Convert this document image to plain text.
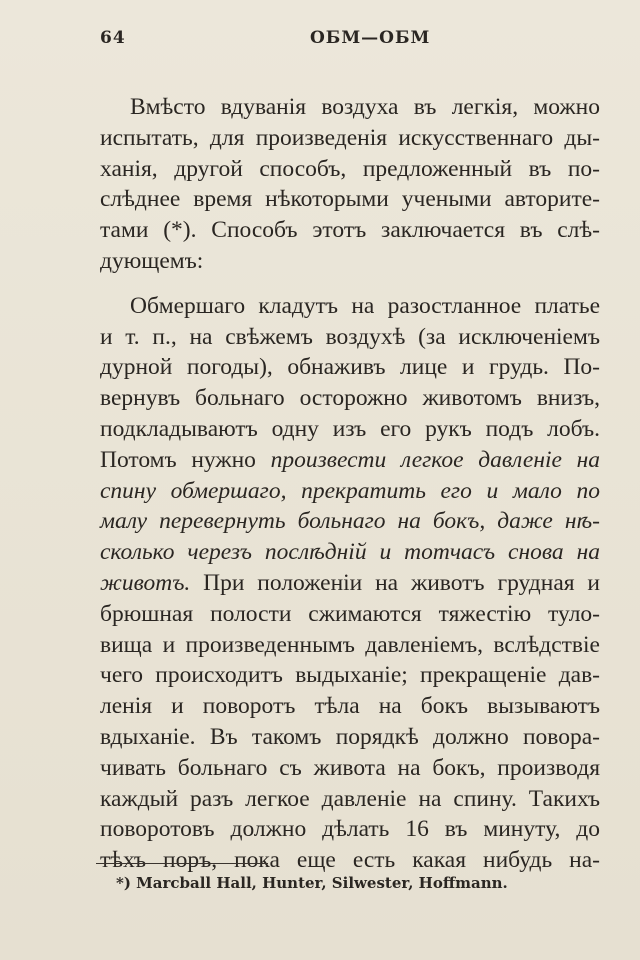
64	ОБМ—ОБМ
Вмѣсто вдуванія воздуха въ легкія, можно
испытать, для произведенія искусственнаго ды-
ханія, другой способъ, предложенный въ по-
слѣднее время нѣкоторыми учеными авторите-
тами (*). Способъ этотъ заключается въ слѣ-
дующемъ:
Обмершаго кладутъ на разостланное платье
и т. п., на свѣжемъ воздухѣ (за исключеніемъ
дурной погоды), обнаживъ лице и грудь. По-
вернувъ больнаго осторожно животомъ внизъ,
подкладываютъ одну изъ его рукъ подъ лобъ.
Потомъ нужно произвести легкое давленіе на
спину обмершаго, прекратить его и мало по
малу перевернуть больнаго на бокъ, даже нѣ-
сколько черезъ послѣдній и тотчасъ снова на
животъ. При положеніи на животъ грудная и
брюшная полости сжимаются тяжестію туло-
вища и произведеннымъ давленіемъ, вслѣдствіе
чего происходитъ выдыханіе; прекращеніе дав-
ленія и поворотъ тѣла на бокъ вызываютъ
вдыханіе. Въ такомъ порядкѣ должно повора-
чивать больнаго съ живота на бокъ, производя
каждый разъ легкое давленіе на спину. Такихъ
поворотовъ должно дѣлать 16 въ минуту, до
тѣхъ поръ, пока еще есть какая нибудь на-
*) Marcball Hall, Hunter, Silwester, Hoffmann.
